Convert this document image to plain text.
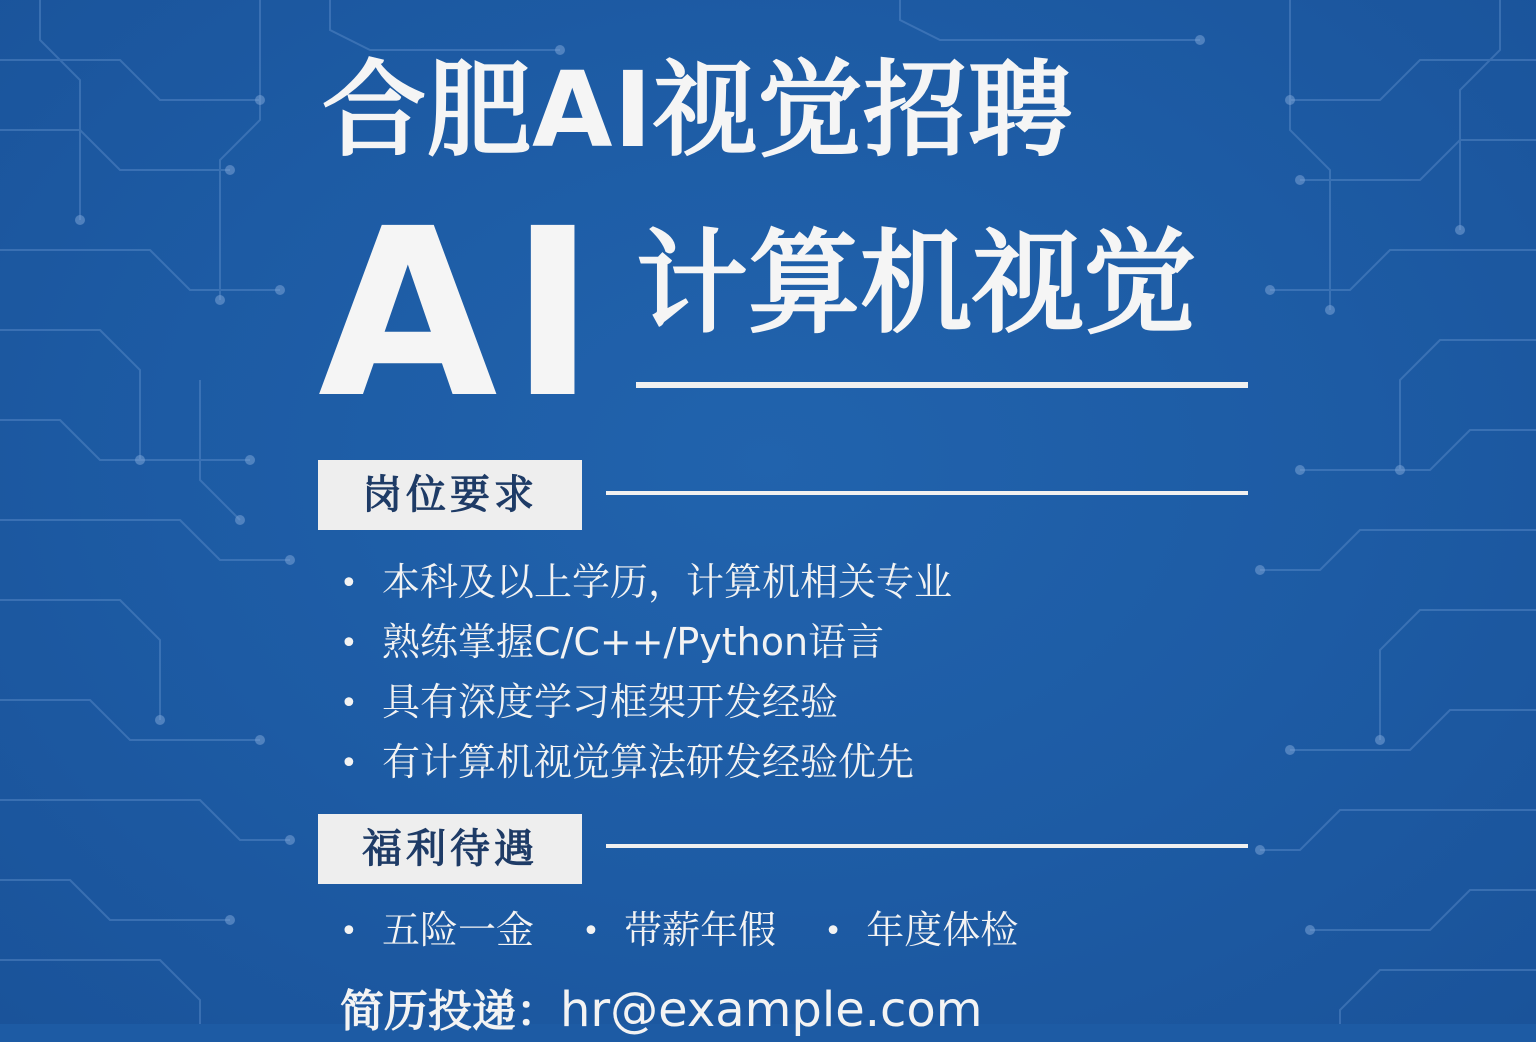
合肥AI视觉招聘
AI 计算机视觉
岗位要求
• 本科及以上学历，计算机相关专业
• 熟练掌握C/C++/Python语言
• 具有深度学习框架开发经验
• 有计算机视觉算法研发经验优先
福利待遇
• 五险一金 • 带薪年假 • 年度体检
简历投递：hr@example.com
